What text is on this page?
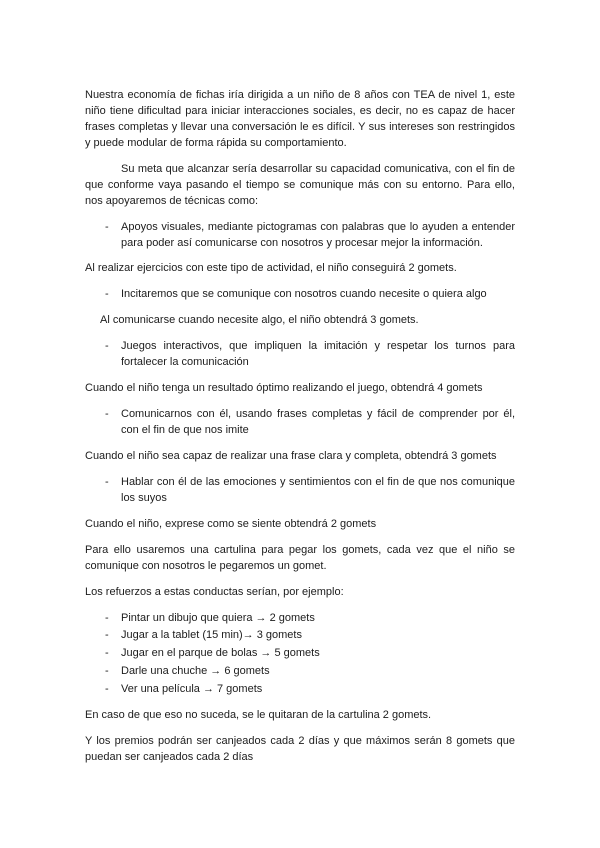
Nuestra economía de fichas iría dirigida a un niño de 8 años con TEA de nivel 1, este niño tiene dificultad para iniciar interacciones sociales, es decir, no es capaz de hacer frases completas y llevar una conversación le es difícil. Y sus intereses son restringidos y puede modular de forma rápida su comportamiento.

Su meta que alcanzar sería desarrollar su capacidad comunicativa, con el fin de que conforme vaya pasando el tiempo se comunique más con su entorno. Para ello, nos apoyaremos de técnicas como:

-	Apoyos visuales, mediante pictogramas con palabras que lo ayuden a entender para poder así comunicarse con nosotros y procesar mejor la información.

Al realizar ejercicios con este tipo de actividad, el niño conseguirá 2 gomets.

-	Incitaremos que se comunique con nosotros cuando necesite o quiera algo

Al comunicarse cuando necesite algo, el niño obtendrá 3 gomets.

-	Juegos interactivos, que impliquen la imitación y respetar los turnos para fortalecer la comunicación

Cuando el niño tenga un resultado óptimo realizando el juego, obtendrá 4 gomets

-	Comunicarnos con él, usando frases completas y fácil de comprender por él, con el fin de que nos imite

Cuando el niño sea capaz de realizar una frase clara y completa, obtendrá 3 gomets

-	Hablar con él de las emociones y sentimientos con el fin de que nos comunique los suyos

Cuando el niño, exprese como se siente obtendrá 2 gomets

Para ello usaremos una cartulina para pegar los gomets, cada vez que el niño se comunique con nosotros le pegaremos un gomet.

Los refuerzos a estas conductas serían, por ejemplo:

-	Pintar un dibujo que quiera → 2 gomets
-	Jugar a la tablet (15 min)→ 3 gomets
-	Jugar en el parque de bolas → 5 gomets
-	Darle una chuche → 6 gomets
-	Ver una película → 7 gomets

En caso de que eso no suceda, se le quitaran de la cartulina 2 gomets.

Y los premios podrán ser canjeados cada 2 días y que máximos serán 8 gomets que puedan ser canjeados cada 2 días
